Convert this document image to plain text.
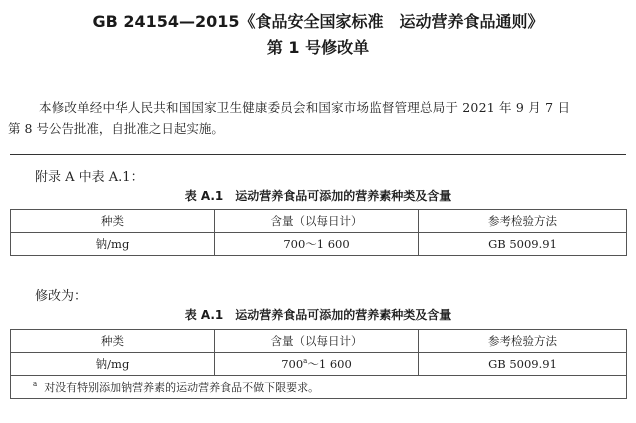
GB 24154—2015《食品安全国家标准　运动营养食品通则》
第 1 号修改单
本修改单经中华人民共和国国家卫生健康委员会和国家市场监督管理总局于 2021 年 9 月 7 日
第 8 号公告批准，自批准之日起实施。
附录 A 中表 A.1：
表 A.1　运动营养食品可添加的营养素种类及含量
种类	含量（以每日计）	参考检验方法
钠/mg	700～1 600	GB 5009.91
修改为：
表 A.1　运动营养食品可添加的营养素种类及含量
种类	含量（以每日计）	参考检验方法
钠/mg	700$^a$～1 600	GB 5009.91
$^a$ 对没有特别添加钠营养素的运动营养食品不做下限要求。		
